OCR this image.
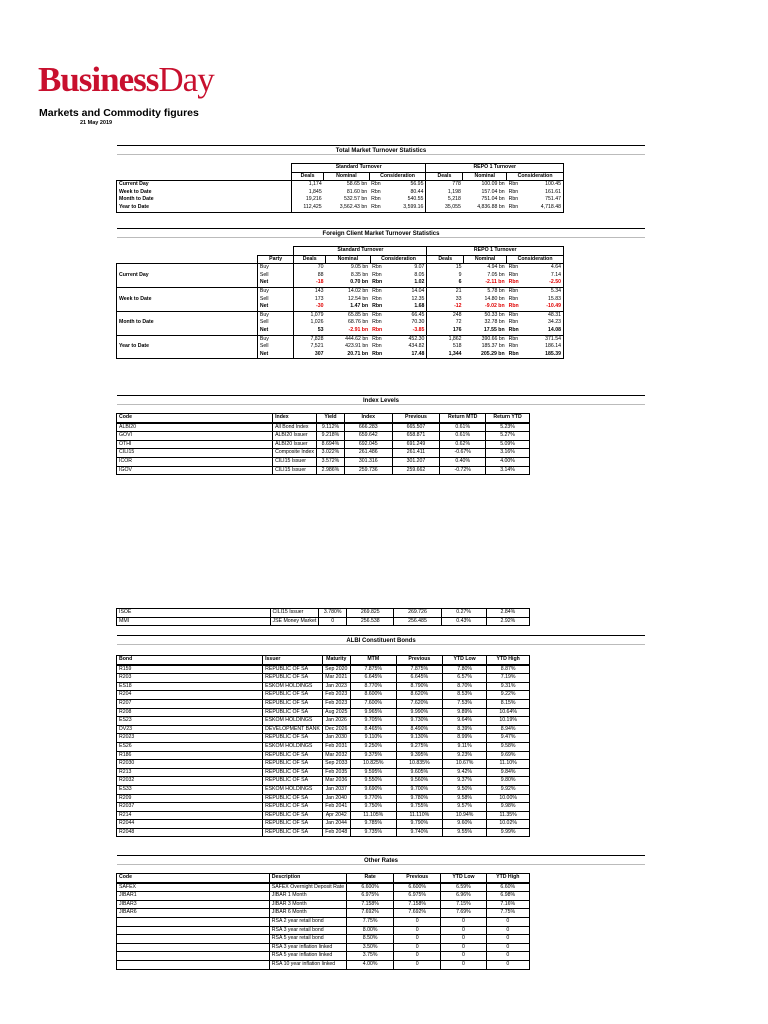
BusinessDay
Markets and Commodity figures
21 May 2019
Total Market Turnover Statistics
	Standard Turnover				REPO 1 Turnover			
	Deals	Nominal	Consideration		Deals	Nominal	Consideration	
Current Day	1,174	58.65 bn	Rbn	56.95	778	100.09 bn	Rbn	100.45
Week to Date	1,845	81.60 bn	Rbn	80.44	1,198	157.04 bn	Rbn	161.61
Month to Date	19,216	532.57 bn	Rbn	540.55	5,218	751.04 bn	Rbn	751.47
Year to Date	112,425	3,562.43 bn	Rbn	3,599.16	35,055	4,836.88 bn	Rbn	4,718.48
Foreign Client Market Turnover Statistics
		Standard Turnover				REPO 1 Turnover			
	Party	Deals	Nominal	Consideration		Deals	Nominal	Consideration	
Current Day	Buy	70	9.05 bn	Rbn	9.07	15	4.94 bn	Rbn	4.64
	Sell	88	8.35 bn	Rbn	8.05	9	7.05 bn	Rbn	7.14
	Net	-18	0.70 bn	Rbn	1.02	6	-2.11 bn	Rbn	-2.50
Week to Date	Buy	143	14.02 bn	Rbn	14.04	21	5.78 bn	Rbn	5.34
	Sell	173	12.54 bn	Rbn	12.35	33	14.80 bn	Rbn	15.83
	Net	-30	1.47 bn	Rbn	1.68	-12	-9.02 bn	Rbn	-10.49
Month to Date	Buy	1,079	65.85 bn	Rbn	66.45	248	50.33 bn	Rbn	48.31
	Sell	1,026	68.76 bn	Rbn	70.30	72	32.78 bn	Rbn	34.23
	Net	53	-2.91 bn	Rbn	-3.85	176	17.55 bn	Rbn	14.08
Year to Date	Buy	7,828	444.62 bn	Rbn	452.30	1,862	390.66 bn	Rbn	371.54
	Sell	7,521	423.91 bn	Rbn	434.82	518	185.37 bn	Rbn	186.14
	Net	307	20.71 bn	Rbn	17.48	1,344	205.29 bn	Rbn	185.39
Index Levels
Code	Index	Yield	Index	Previous	Return MTD	Return YTD
ALBI20	All Bond Index	9.112%	666.283	665.507	0.61%	5.23%
GOVI	ALBI20 Issuer	9.218%	659.642	658.871	0.61%	5.27%
OTHI	ALBI20 Issuer	8.694%	692.045	691.249	0.62%	5.09%
CILI15	Composite Index	3.022%	261.486	261.411	-0.67%	3.16%
ICOR	CILI15 Issuer	3.572%	301.316	301.207	0.40%	4.00%
IGOV	CILI15 Issuer	2.986%	259.736	259.662	-0.72%	3.14%
ISOE	CILI15 Issuer	3.780%	269.825	269.726	0.27%	2.84%
MMI	JSE Money Market	0	256.538	256.485	0.43%	2.92%
ALBI Constituent Bonds
Bond	Issuer	Maturity	MTM	Previous	YTD Low	YTD High
R159	REPUBLIC OF SA	Sep 2020	7.875%	7.875%	7.80%	8.87%
R203	REPUBLIC OF SA	Mar 2021	6.645%	6.645%	6.57%	7.19%
ES18	ESKOM HOLDINGS	Jan 2023	8.770%	8.790%	8.70%	9.31%
R204	REPUBLIC OF SA	Feb 2023	8.600%	8.620%	8.53%	9.22%
R207	REPUBLIC OF SA	Feb 2023	7.600%	7.620%	7.53%	8.15%
R208	REPUBLIC OF SA	Aug 2025	9.965%	9.990%	9.89%	10.64%
ES23	ESKOM HOLDINGS	Jan 2026	9.705%	9.730%	9.64%	10.19%
DV23	DEVELOPMENT BANK	Dec 2026	8.465%	8.490%	8.39%	8.94%
R2023	REPUBLIC OF SA	Jan 2030	9.110%	9.130%	8.99%	9.47%
ES26	ESKOM HOLDINGS	Feb 2031	9.250%	9.275%	9.11%	9.58%
R186	REPUBLIC OF SA	Mar 2032	9.375%	9.395%	9.23%	9.69%
R2030	REPUBLIC OF SA	Sep 2033	10.825%	10.835%	10.67%	11.10%
R213	REPUBLIC OF SA	Feb 2035	9.595%	9.605%	9.42%	9.84%
R2032	REPUBLIC OF SA	Mar 2036	9.550%	9.560%	9.37%	9.80%
ES33	ESKOM HOLDINGS	Jan 2037	9.690%	9.700%	9.50%	9.92%
R209	REPUBLIC OF SA	Jan 2040	9.770%	9.780%	9.58%	10.00%
R2037	REPUBLIC OF SA	Feb 2041	9.750%	9.755%	9.57%	9.98%
R214	REPUBLIC OF SA	Apr 2042	11.105%	11.110%	10.94%	11.35%
R2044	REPUBLIC OF SA	Jan 2044	9.785%	9.790%	9.60%	10.02%
R2048	REPUBLIC OF SA	Feb 2048	9.735%	9.740%	9.55%	9.99%
Other Rates
Code	Description	Rate	Previous	YTD Low	YTD High
SAFEX	SAFEX Overnight Deposit Rate	6.600%	6.600%	6.59%	6.60%
JIBAR1	JIBAR 1 Month	6.975%	6.975%	6.96%	6.98%
JIBAR3	JIBAR 3 Month	7.158%	7.158%	7.15%	7.16%
JIBAR6	JIBAR 6 Month	7.692%	7.692%	7.69%	7.75%
	RSA 2 year retail bond	7.75%	0	0	0
	RSA 3 year retail bond	8.00%	0	0	0
	RSA 5 year retail bond	8.50%	0	0	0
	RSA 3 year inflation linked	3.50%	0	0	0
	RSA 5 year inflation linked	3.75%	0	0	0
	RSA 10 year inflation linked	4.00%	0	0	0
